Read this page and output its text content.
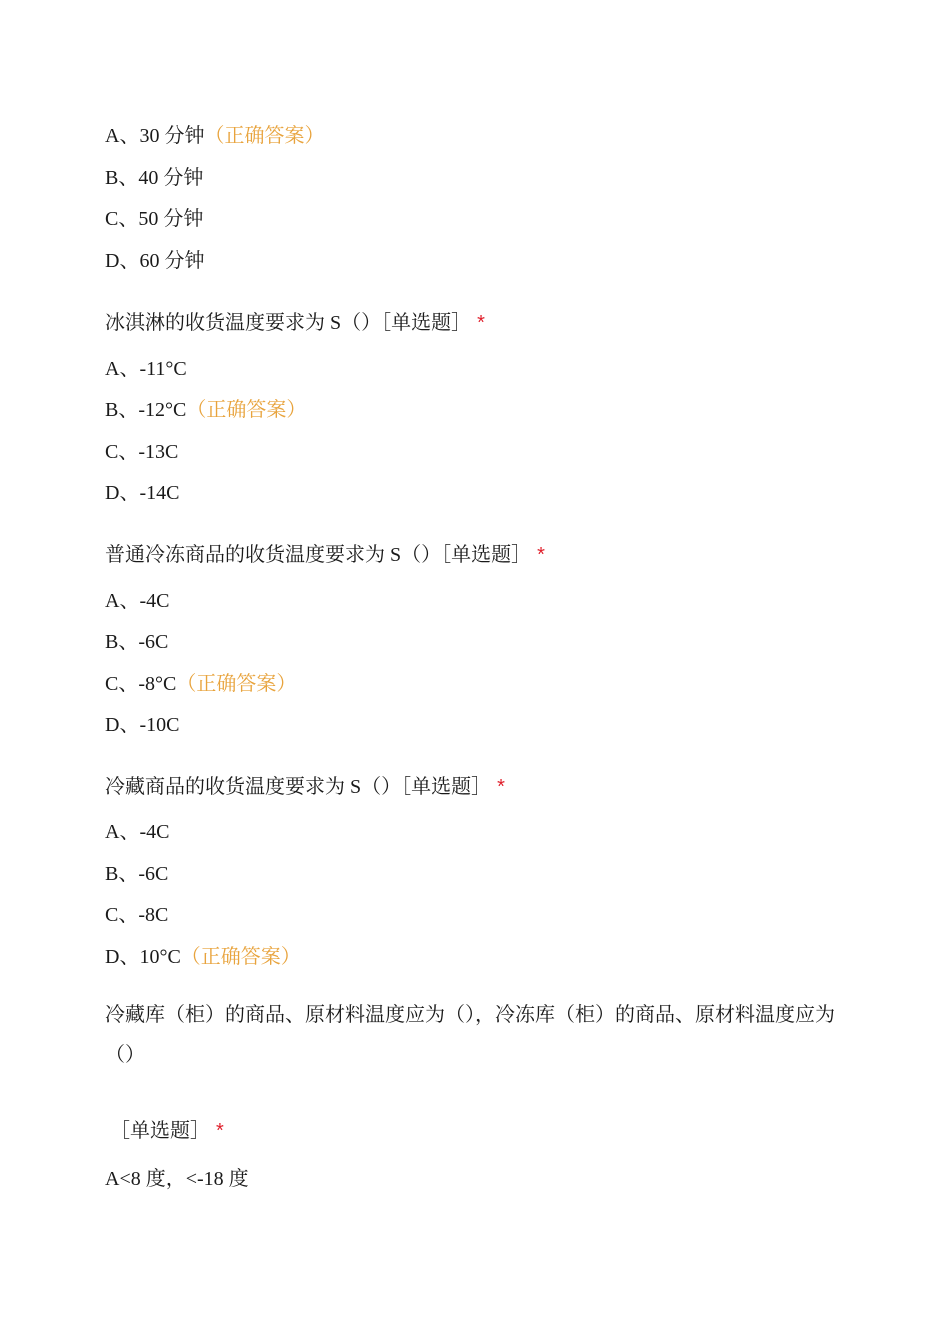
A、30 分钟（正确答案）
B、40 分钟
C、50 分钟
D、60 分钟
冰淇淋的收货温度要求为 S（）［单选题］ *
A、-11°C
B、-12°C（正确答案）
C、-13C
D、-14C
普通冷冻商品的收货温度要求为 S（）［单选题］ *
A、-4C
B、-6C
C、-8°C（正确答案）
D、-10C
冷藏商品的收货温度要求为 S（）［单选题］ *
A、-4C
B、-6C
C、-8C
D、10°C（正确答案）
冷藏库（柜）的商品、原材料温度应为（），冷冻库（柜）的商品、原材料温度应为（）
［单选题］ *
A<8 度，<-18 度
